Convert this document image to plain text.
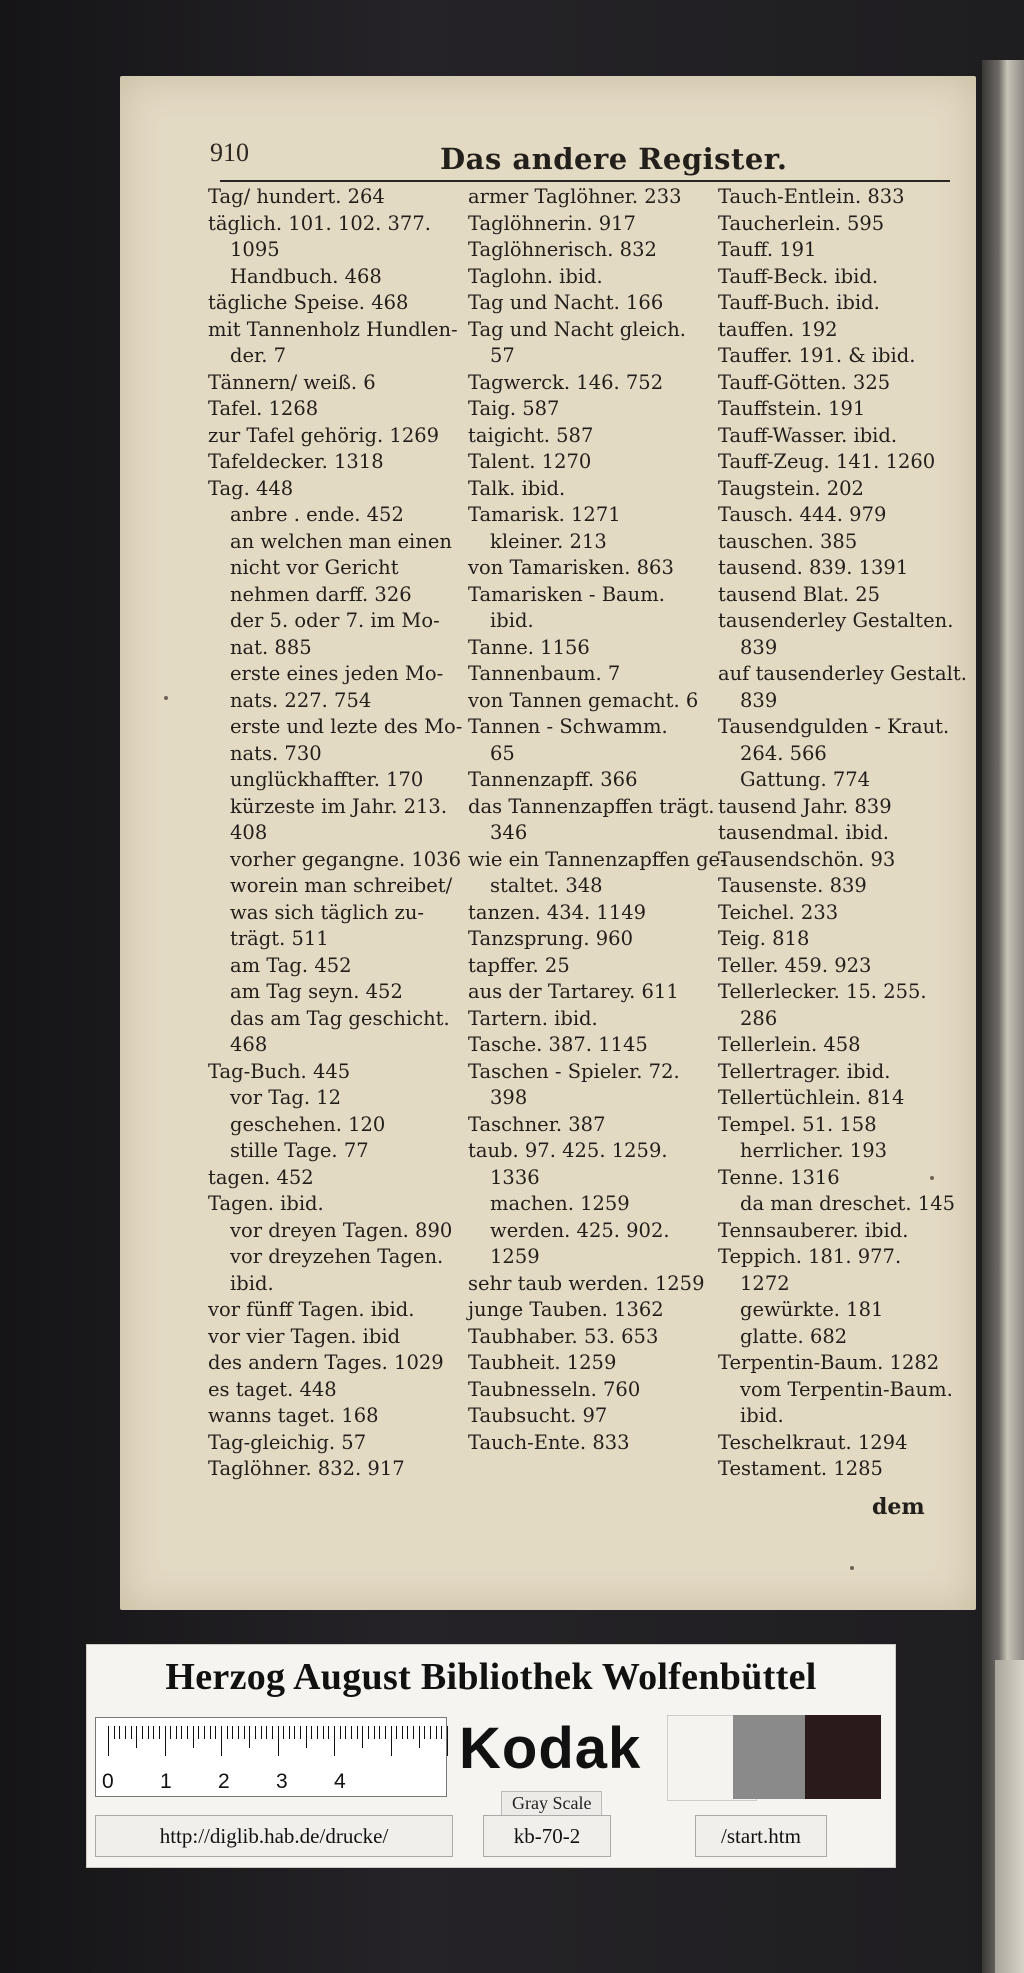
910	Das andere Register.
Tag/ hundert. 264
täglich. 101. 102. 377.
1095
Handbuch. 468
tägliche Speise. 468
mit Tannenholz Hundlen-
der. 7
Tännern/ weiß. 6
Tafel. 1268
zur Tafel gehörig. 1269
Tafeldecker. 1318
Tag. 448
anbre . ende. 452
an welchen man einen
nicht vor Gericht
nehmen darff. 326
der 5. oder 7. im Mo-
nat. 885
erste eines jeden Mo-
nats. 227. 754
erste und lezte des Mo-
nats. 730
unglückhaffter. 170
kürzeste im Jahr. 213.
408
vorher gegangne. 1036
worein man schreibet/
was sich täglich zu-
trägt. 511
am Tag. 452
am Tag seyn. 452
das am Tag geschicht.
468
Tag-Buch. 445
vor Tag. 12
geschehen. 120
stille Tage. 77
tagen. 452
Tagen. ibid.
vor dreyen Tagen. 890
vor dreyzehen Tagen.
ibid.
vor fünff Tagen. ibid.
vor vier Tagen. ibid
des andern Tages. 1029
es taget. 448
wanns taget. 168
Tag-gleichig. 57
Taglöhner. 832. 917
armer Taglöhner. 233
Taglöhnerin. 917
Taglöhnerisch. 832
Taglohn. ibid.
Tag und Nacht. 166
Tag und Nacht gleich.
57
Tagwerck. 146. 752
Taig. 587
taigicht. 587
Talent. 1270
Talk. ibid.
Tamarisk. 1271
kleiner. 213
von Tamarisken. 863
Tamarisken - Baum.
ibid.
Tanne. 1156
Tannenbaum. 7
von Tannen gemacht. 6
Tannen - Schwamm.
65
Tannenzapff. 366
das Tannenzapffen trägt.
346
wie ein Tannenzapffen ge-
staltet. 348
tanzen. 434. 1149
Tanzsprung. 960
tapffer. 25
aus der Tartarey. 611
Tartern. ibid.
Tasche. 387. 1145
Taschen - Spieler. 72.
398
Taschner. 387
taub. 97. 425. 1259.
1336
machen. 1259
werden. 425. 902.
1259
sehr taub werden. 1259
junge Tauben. 1362
Taubhaber. 53. 653
Taubheit. 1259
Taubnesseln. 760
Taubsucht. 97
Tauch-Ente. 833
Tauch-Entlein. 833
Taucherlein. 595
Tauff. 191
Tauff-Beck. ibid.
Tauff-Buch. ibid.
tauffen. 192
Tauffer. 191. & ibid.
Tauff-Götten. 325
Tauffstein. 191
Tauff-Wasser. ibid.
Tauff-Zeug. 141. 1260
Taugstein. 202
Tausch. 444. 979
tauschen. 385
tausend. 839. 1391
tausend Blat. 25
tausenderley Gestalten.
839
auf tausenderley Gestalt.
839
Tausendgulden - Kraut.
264. 566
Gattung. 774
tausend Jahr. 839
tausendmal. ibid.
Tausendschön. 93
Tausenste. 839
Teichel. 233
Teig. 818
Teller. 459. 923
Tellerlecker. 15. 255.
286
Tellerlein. 458
Tellertrager. ibid.
Tellertüchlein. 814
Tempel. 51. 158
herrlicher. 193
Tenne. 1316
da man dreschet. 145
Tennsauberer. ibid.
Teppich. 181. 977.
1272
gewürkte. 181
glatte. 682
Terpentin-Baum. 1282
vom Terpentin-Baum.
ibid.
Teschelkraut. 1294
Testament. 1285
dem
Herzog August Bibliothek Wolfenbüttel
0 1 2 3 4
Kodak
Gray Scale
http://diglib.hab.de/drucke/	kb-70-2	/start.htm
